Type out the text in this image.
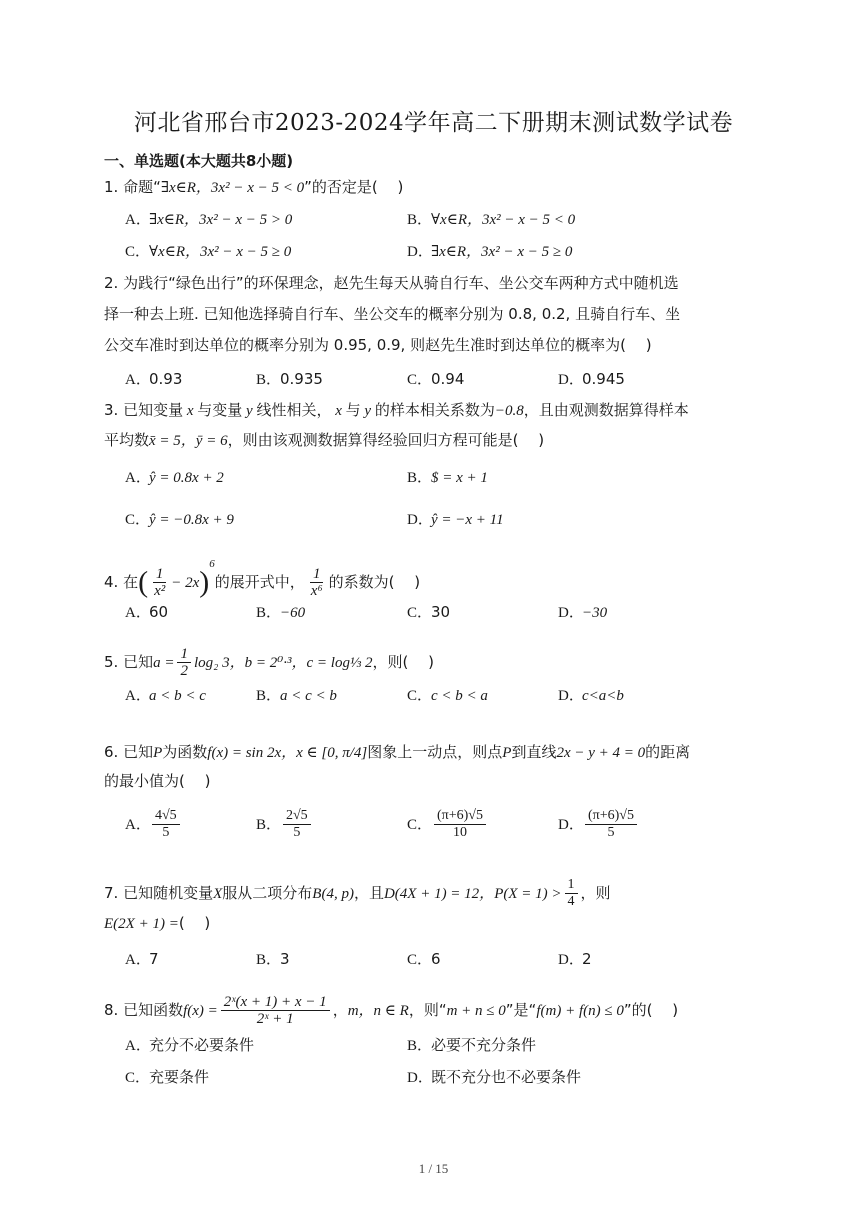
河北省邢台市2023-2024学年高二下册期末测试数学试卷
一、单选题(本大题共8小题)
1. 命题“∃x∈R，3x² − x − 5 < 0”的否定是(　 )
A．∃x∈R，3x² − x − 5 > 0	B．∀x∈R，3x² − x − 5 < 0
C．∀x∈R，3x² − x − 5 ≥ 0	D．∃x∈R，3x² − x − 5 ≥ 0
2. 为践行“绿色出行”的环保理念，赵先生每天从骑自行车、坐公交车两种方式中随机选
择一种去上班. 已知他选择骑自行车、坐公交车的概率分别为 0.8, 0.2, 且骑自行车、坐
公交车准时到达单位的概率分别为 0.95, 0.9, 则赵先生准时到达单位的概率为(　 )
A．0.93	B．0.935	C．0.94	D．0.945
3. 已知变量 x 与变量 y 线性相关， x 与 y 的样本相关系数为−0.8，且由观测数据算得样本
平均数x̄ = 5，ȳ = 6，则由该观测数据算得经验回归方程可能是(　 )
A．ŷ = 0.8x + 2	B．$ = x + 1
C．ŷ = −0.8x + 9	D．ŷ = −x + 11
4. 在( $\frac{1}{\text{x²}} - 2x)^6$的展开式中， $\frac{1}{\text{x⁶}}$ 的系数为(　 )
A．60	B．−60	C．30	D．−30
5. 已知$a = \frac{1}{2} \log_2$ 3，b = 2⁰·³，c = log⅓ 2，则(　 )
A．a < b < c	B．a < c < b	C．c < b < a	D．c<a<b
6. 已知P为函数f(x) = sin 2x，x ∈ [0, π/4]图象上一动点，则点P到直线2x − y + 4 = 0的距离
的最小值为(　 )
A． $\frac{4√5}{5}$	B． $\frac{2√5}{5}$	C． $\frac{(\pi+6)√5}{10}$	D． $\frac{(\pi+6)√5}{5}$
7. 已知随机变量X服从二项分布B(4, p)，且D(4X + 1) = 12，$P(X = 1) > \frac{1}{4}$ ，则
E(2X + 1) =(　 )
A．7	B．3	C．6	D．2
8. 已知函数$f(x) = \frac{\text{2ˣ(x + 1) + x − 1}}{\text{2ˣ + 1}}$ ，m，n ∈ R，则“m + n ≤ 0”是“f(m) + f(n) ≤ 0”的(　 )
A．充分不必要条件	B．必要不充分条件
C．充要条件	D．既不充分也不必要条件
1 / 15
